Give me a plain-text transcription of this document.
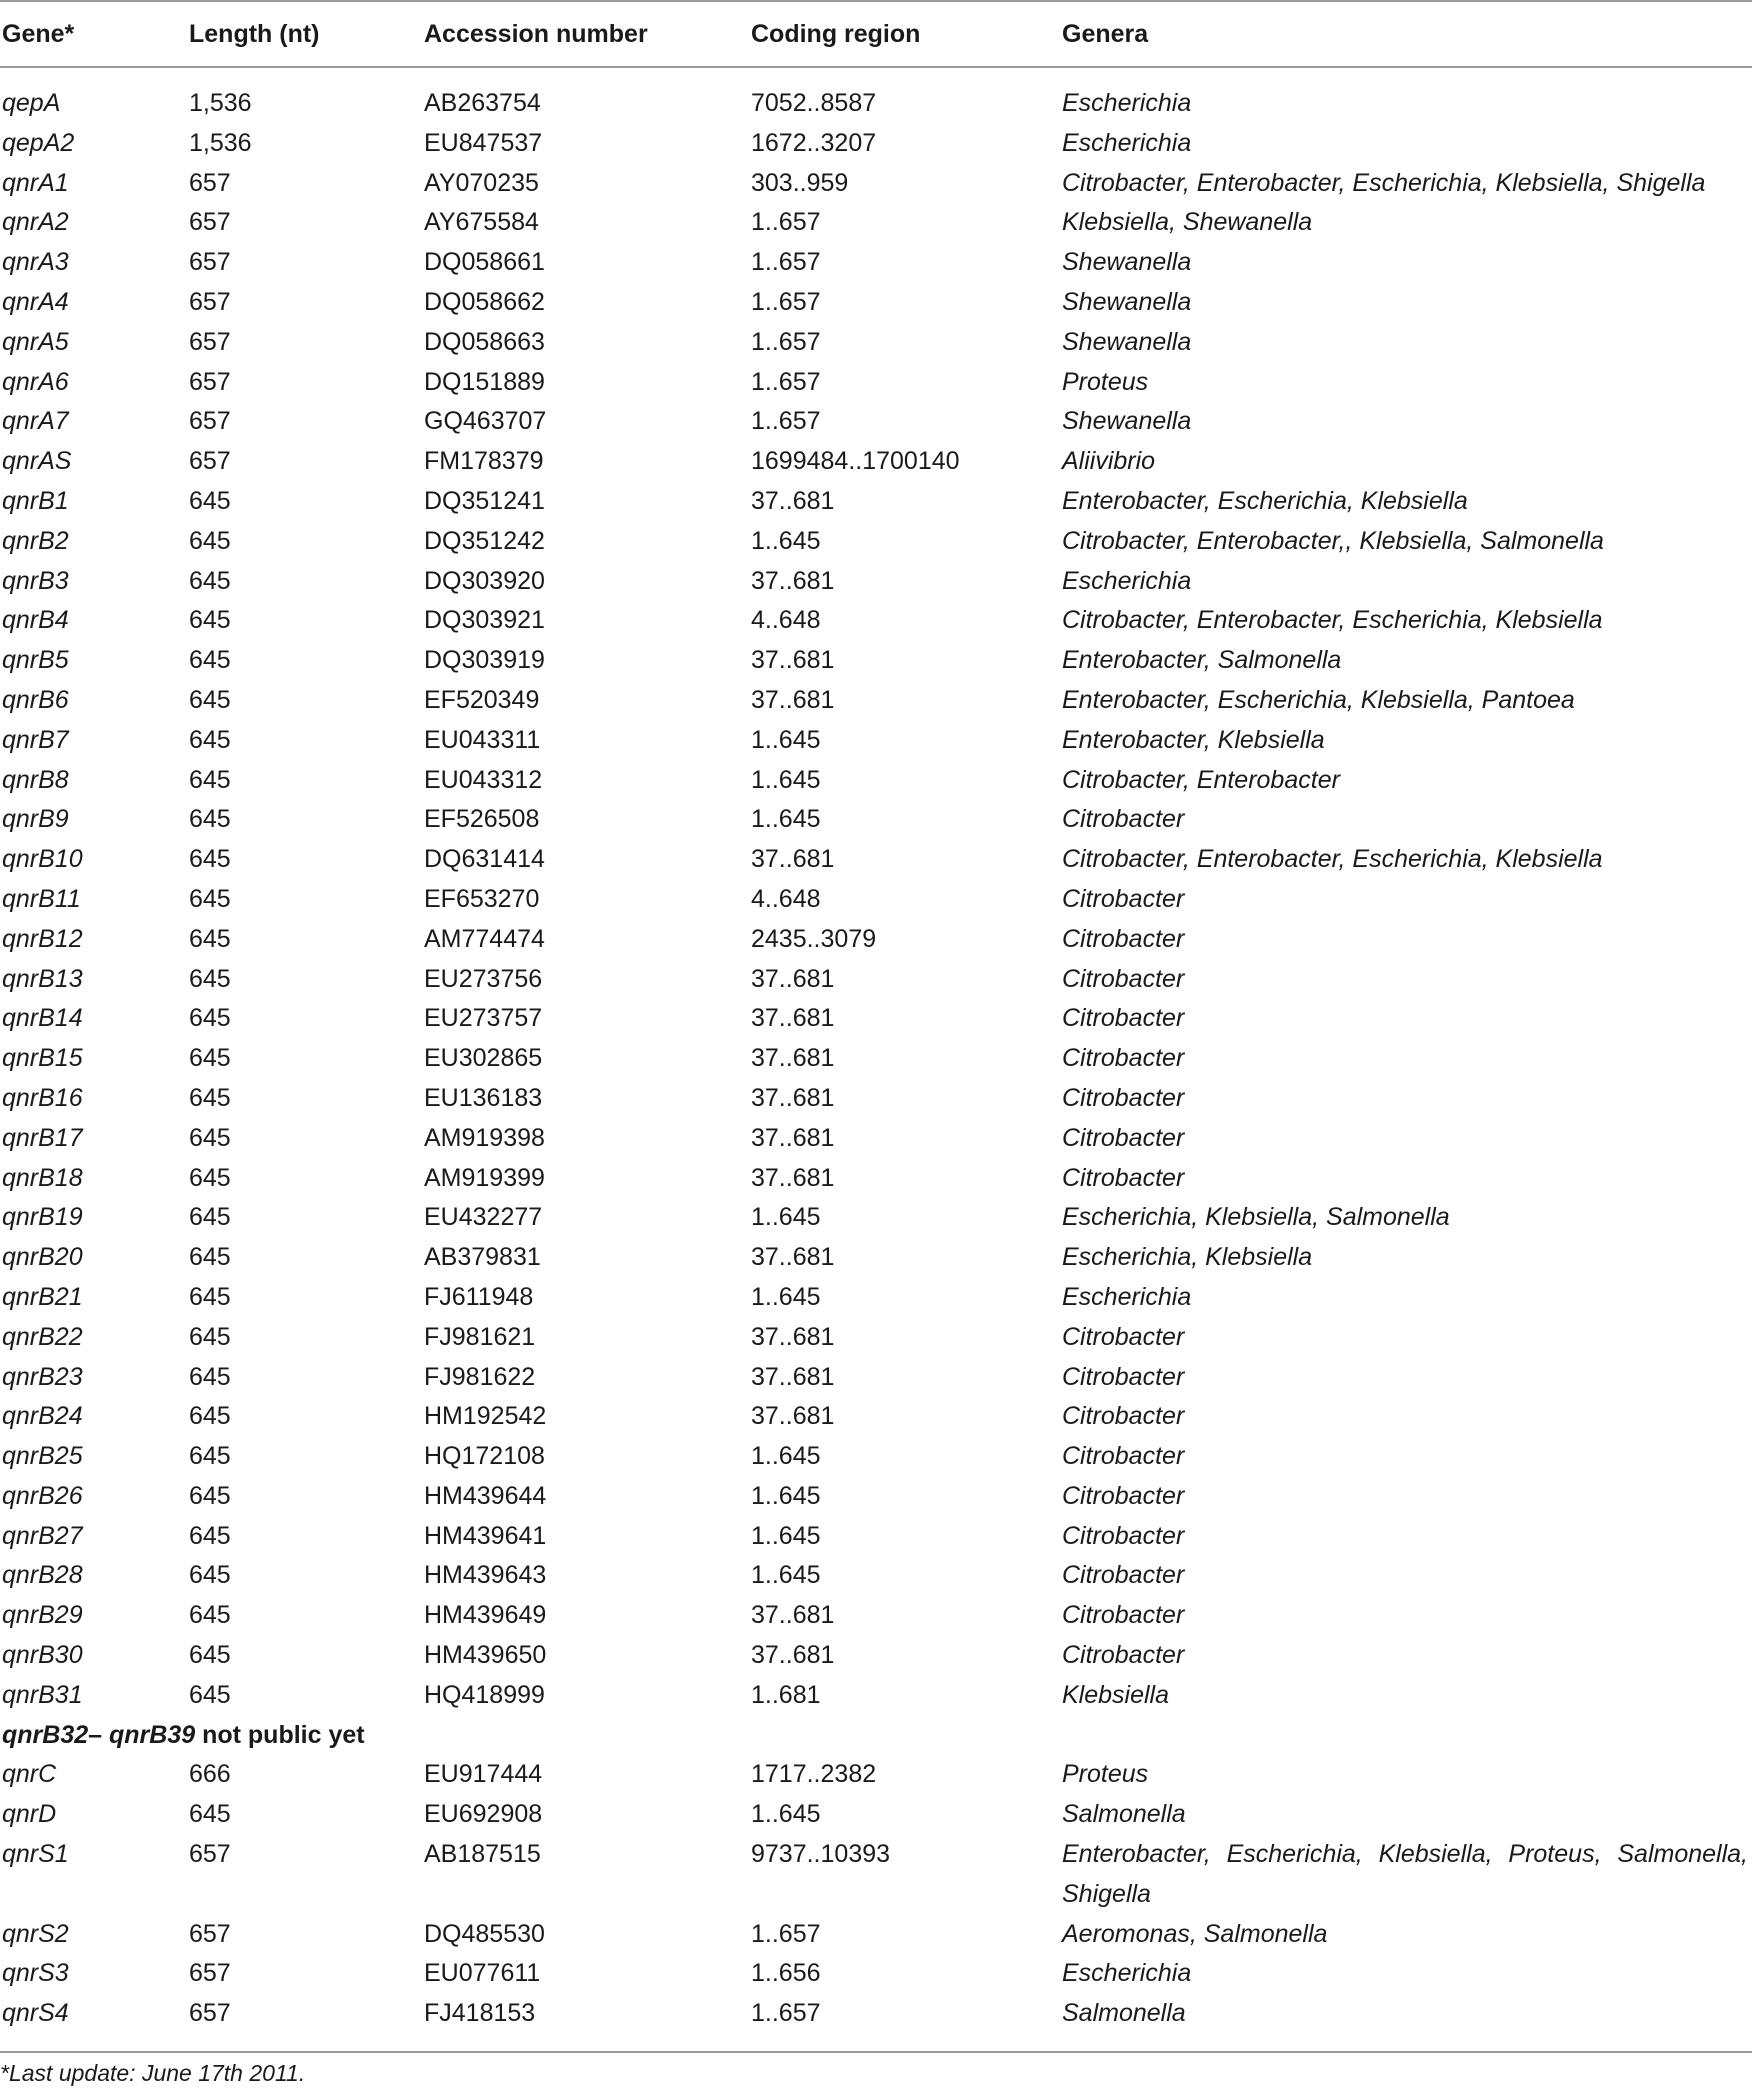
Gene*	Length (nt)	Accession number	Coding region	Genera

qepA	1,536	AB263754	7052..8587	Escherichia
qepA2	1,536	EU847537	1672..3207	Escherichia
qnrA1	657	AY070235	303..959	Citrobacter, Enterobacter, Escherichia, Klebsiella, Shigella
qnrA2	657	AY675584	1..657	Klebsiella, Shewanella
qnrA3	657	DQ058661	1..657	Shewanella
qnrA4	657	DQ058662	1..657	Shewanella
qnrA5	657	DQ058663	1..657	Shewanella
qnrA6	657	DQ151889	1..657	Proteus
qnrA7	657	GQ463707	1..657	Shewanella
qnrAS	657	FM178379	1699484..1700140	Aliivibrio
qnrB1	645	DQ351241	37..681	Enterobacter, Escherichia, Klebsiella
qnrB2	645	DQ351242	1..645	Citrobacter, Enterobacter,, Klebsiella, Salmonella
qnrB3	645	DQ303920	37..681	Escherichia
qnrB4	645	DQ303921	4..648	Citrobacter, Enterobacter, Escherichia, Klebsiella
qnrB5	645	DQ303919	37..681	Enterobacter, Salmonella
qnrB6	645	EF520349	37..681	Enterobacter, Escherichia, Klebsiella, Pantoea
qnrB7	645	EU043311	1..645	Enterobacter, Klebsiella
qnrB8	645	EU043312	1..645	Citrobacter, Enterobacter
qnrB9	645	EF526508	1..645	Citrobacter
qnrB10	645	DQ631414	37..681	Citrobacter, Enterobacter, Escherichia, Klebsiella
qnrB11	645	EF653270	4..648	Citrobacter
qnrB12	645	AM774474	2435..3079	Citrobacter
qnrB13	645	EU273756	37..681	Citrobacter
qnrB14	645	EU273757	37..681	Citrobacter
qnrB15	645	EU302865	37..681	Citrobacter
qnrB16	645	EU136183	37..681	Citrobacter
qnrB17	645	AM919398	37..681	Citrobacter
qnrB18	645	AM919399	37..681	Citrobacter
qnrB19	645	EU432277	1..645	Escherichia, Klebsiella, Salmonella
qnrB20	645	AB379831	37..681	Escherichia, Klebsiella
qnrB21	645	FJ611948	1..645	Escherichia
qnrB22	645	FJ981621	37..681	Citrobacter
qnrB23	645	FJ981622	37..681	Citrobacter
qnrB24	645	HM192542	37..681	Citrobacter
qnrB25	645	HQ172108	1..645	Citrobacter
qnrB26	645	HM439644	1..645	Citrobacter
qnrB27	645	HM439641	1..645	Citrobacter
qnrB28	645	HM439643	1..645	Citrobacter
qnrB29	645	HM439649	37..681	Citrobacter
qnrB30	645	HM439650	37..681	Citrobacter
qnrB31	645	HQ418999	1..681	Klebsiella
qnrB32– qnrB39 not public yet				
qnrC	666	EU917444	1717..2382	Proteus
qnrD	645	EU692908	1..645	Salmonella
qnrS1	657	AB187515	9737..10393	Enterobacter, Escherichia, Klebsiella, Proteus, Salmonella, Shigella
qnrS2	657	DQ485530	1..657	Aeromonas, Salmonella
qnrS3	657	EU077611	1..656	Escherichia
qnrS4	657	FJ418153	1..657	Salmonella

*Last update: June 17th 2011.
